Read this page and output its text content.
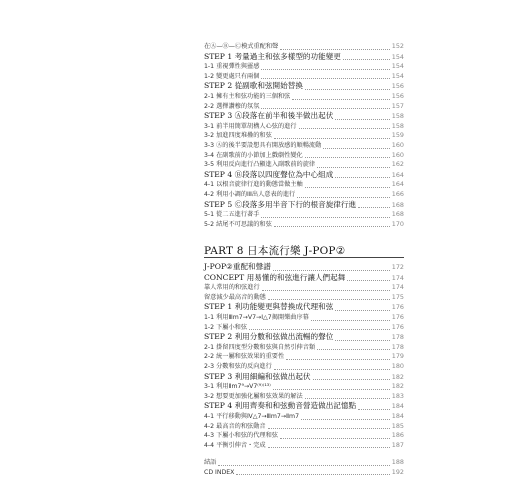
在Ⓐ—Ⓑ—Ⓒ模式重配和聲	152
STEP 1 考量過主和弦多樣型的功能變更	154
1-1 重視彈性與靈感	154
1-2 變更處只有兩個	154
STEP 2 從副歌和弦開始替換	156
2-1 擁有主和弦功能的三個和弦	156
2-2 選擇讚穆的氛氛	157
STEP 3 Ⓐ段落在前半和後半做出起伏	158
3-1 前半用簡單胡構人心弦的進行	158
3-2 加進四度堆疊的和弦	159
3-3 Ⓐ的後半要設想具有開放感的順暢流動	160
3-4 在副歌前的小節加上戲劇性變化	160
3-5 利用反向進行凸顯進入副歌前的旋律	162
STEP 4 Ⓑ段落以四度聲位為中心組成	164
4-1 以根音旋律行進的動態當做主軸	164
4-2 利用小調的ⅠⅡ出人意表的進行	166
STEP 5 Ⓒ段落多用半音下行的根音旋律行進	168
5-1 從二五進行著手	168
5-2 結尾不可思議的和弦	170
PART 8 日本流行樂 J-POP②
J-POP②重配和聲譜	172
CONCEPT 用易懂的和弦進行讓人們起舞	174
靠人常用的和弦進行	174
留意減少最高音的動態	175
STEP 1 利功能變更與替換成代理和弦	176
1-1 利用Ⅲm7→Ⅴ7→Ⅰ△7揭開樂曲序幕	176
1-2 下屬小和弦	176
STEP 2 利用分數和弦做出流暢的聲位	178
2-1 掛留四度型分數和弦與自然引伸音類	178
2-2 統一屬和弦效果的重要性	179
2-3 分數和弦的反向進行	180
STEP 3 利用細編和弦做出起伏	182
3-1 利用Ⅱm7⁹→Ⅴ7⁽⁹⁾⁽¹³⁾	182
3-2 想要更加強化屬和弦效果的解法	183
STEP 4 利用齊奏和和弦動音營造做出記憶點	184
4-1 平行移動與Ⅳ△7→Ⅲm7→Ⅱm7	184
4-2 最高音的和弦動音	185
4-3 下屬小和弦的代理和弦	186
4-4 平衡引伸音・完成	187
結語	188
CD INDEX	192
